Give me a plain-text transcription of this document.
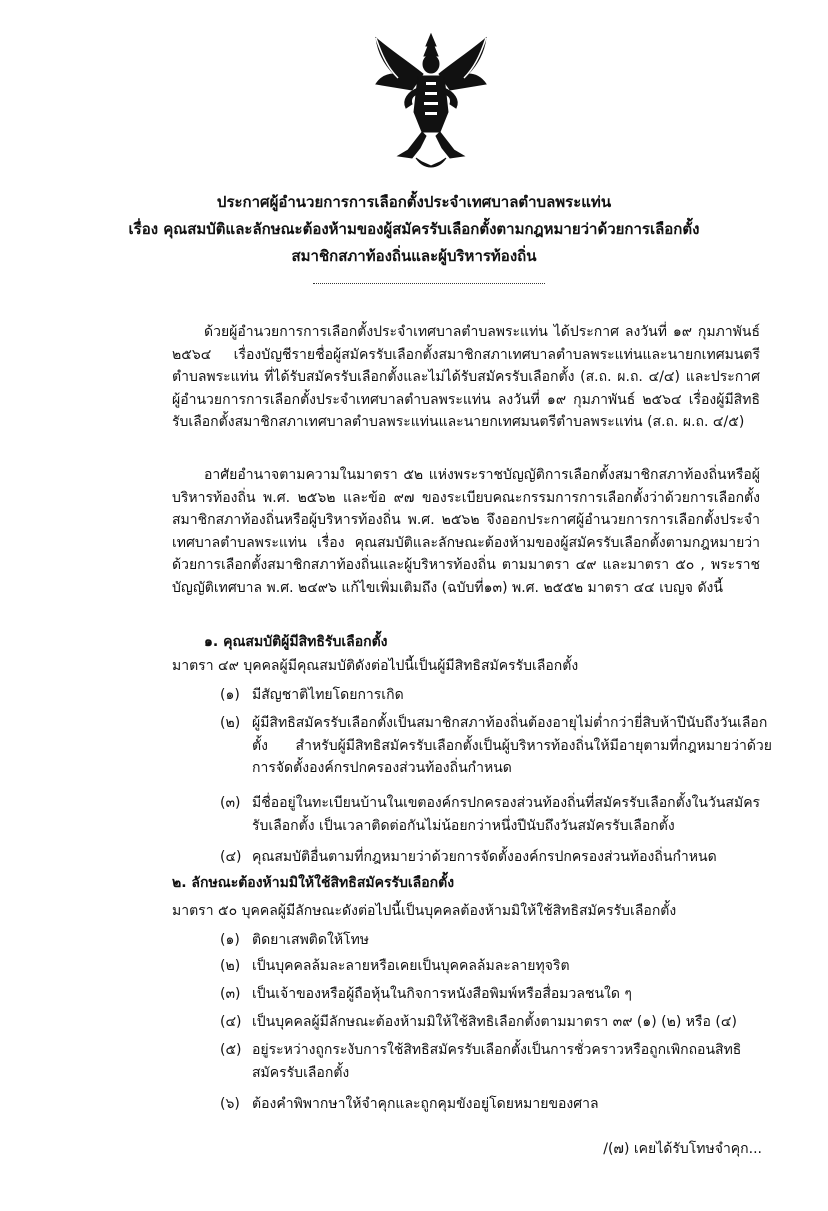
ประกาศผู้อำนวยการการเลือกตั้งประจำเทศบาลตำบลพระแท่น
เรื่อง คุณสมบัติและลักษณะต้องห้ามของผู้สมัครรับเลือกตั้งตามกฎหมายว่าด้วยการเลือกตั้ง
สมาชิกสภาท้องถิ่นและผู้บริหารท้องถิ่น
ด้วยผู้อำนวยการการเลือกตั้งประจำเทศบาลตำบลพระแท่น ได้ประกาศ ลงวันที่ ๑๙ กุมภาพันธ์ ๒๕๖๔ เรื่องบัญชีรายชื่อผู้สมัครรับเลือกตั้งสมาชิกสภาเทศบาลตำบลพระแท่นและนายกเทศมนตรีตำบลพระแท่น ที่ได้รับสมัครรับเลือกตั้งและไม่ได้รับสมัครรับเลือกตั้ง (ส.ถ. ผ.ถ. ๔/๔) และประกาศผู้อำนวยการการเลือกตั้งประจำเทศบาลตำบลพระแท่น ลงวันที่ ๑๙ กุมภาพันธ์ ๒๕๖๔ เรื่องผู้มีสิทธิรับเลือกตั้งสมาชิกสภาเทศบาลตำบลพระแท่นและนายกเทศมนตรีตำบลพระแท่น (ส.ถ. ผ.ถ. ๔/๕)
อาศัยอำนาจตามความในมาตรา ๕๒ แห่งพระราชบัญญัติการเลือกตั้งสมาชิกสภาท้องถิ่นหรือผู้บริหารท้องถิ่น พ.ศ. ๒๕๖๒ และข้อ ๙๗ ของระเบียบคณะกรรมการการเลือกตั้งว่าด้วยการเลือกตั้งสมาชิกสภาท้องถิ่นหรือผู้บริหารท้องถิ่น พ.ศ. ๒๕๖๒ จึงออกประกาศผู้อำนวยการการเลือกตั้งประจำเทศบาลตำบลพระแท่น เรื่อง คุณสมบัติและลักษณะต้องห้ามของผู้สมัครรับเลือกตั้งตามกฎหมายว่าด้วยการเลือกตั้งสมาชิกสภาท้องถิ่นและผู้บริหารท้องถิ่น ตามมาตรา ๔๙ และมาตรา ๕๐ , พระราชบัญญัติเทศบาล พ.ศ. ๒๔๙๖ แก้ไขเพิ่มเติมถึง (ฉบับที่๑๓) พ.ศ. ๒๕๕๒ มาตรา ๔๔ เบญจ ดังนี้
๑. คุณสมบัติผู้มีสิทธิรับเลือกตั้ง
มาตรา ๔๙ บุคคลผู้มีคุณสมบัติดังต่อไปนี้เป็นผู้มีสิทธิสมัครรับเลือกตั้ง
(๑) มีสัญชาติไทยโดยการเกิด
(๒) ผู้มีสิทธิสมัครรับเลือกตั้งเป็นสมาชิกสภาท้องถิ่นต้องอายุไม่ต่ำกว่ายี่สิบห้าปีนับถึงวันเลือกตั้ง สำหรับผู้มีสิทธิสมัครรับเลือกตั้งเป็นผู้บริหารท้องถิ่นให้มีอายุตามที่กฎหมายว่าด้วยการจัดตั้งองค์กรปกครองส่วนท้องถิ่นกำหนด
(๓) มีชื่ออยู่ในทะเบียนบ้านในเขตองค์กรปกครองส่วนท้องถิ่นที่สมัครรับเลือกตั้งในวันสมัครรับเลือกตั้ง เป็นเวลาติดต่อกันไม่น้อยกว่าหนึ่งปีนับถึงวันสมัครรับเลือกตั้ง
(๔) คุณสมบัติอื่นตามที่กฎหมายว่าด้วยการจัดตั้งองค์กรปกครองส่วนท้องถิ่นกำหนด
๒. ลักษณะต้องห้ามมิให้ใช้สิทธิสมัครรับเลือกตั้ง
มาตรา ๕๐ บุคคลผู้มีลักษณะดังต่อไปนี้เป็นบุคคลต้องห้ามมิให้ใช้สิทธิสมัครรับเลือกตั้ง
(๑) ติดยาเสพติดให้โทษ
(๒) เป็นบุคคลล้มละลายหรือเคยเป็นบุคคลล้มละลายทุจริต
(๓) เป็นเจ้าของหรือผู้ถือหุ้นในกิจการหนังสือพิมพ์หรือสื่อมวลชนใด ๆ
(๔) เป็นบุคคลผู้มีลักษณะต้องห้ามมิให้ใช้สิทธิเลือกตั้งตามมาตรา ๓๙ (๑) (๒) หรือ (๔)
(๕) อยู่ระหว่างถูกระงับการใช้สิทธิสมัครรับเลือกตั้งเป็นการชั่วคราวหรือถูกเพิกถอนสิทธิสมัครรับเลือกตั้ง
(๖) ต้องคำพิพากษาให้จำคุกและถูกคุมขังอยู่โดยหมายของศาล
/(๗) เคยได้รับโทษจำคุก...
